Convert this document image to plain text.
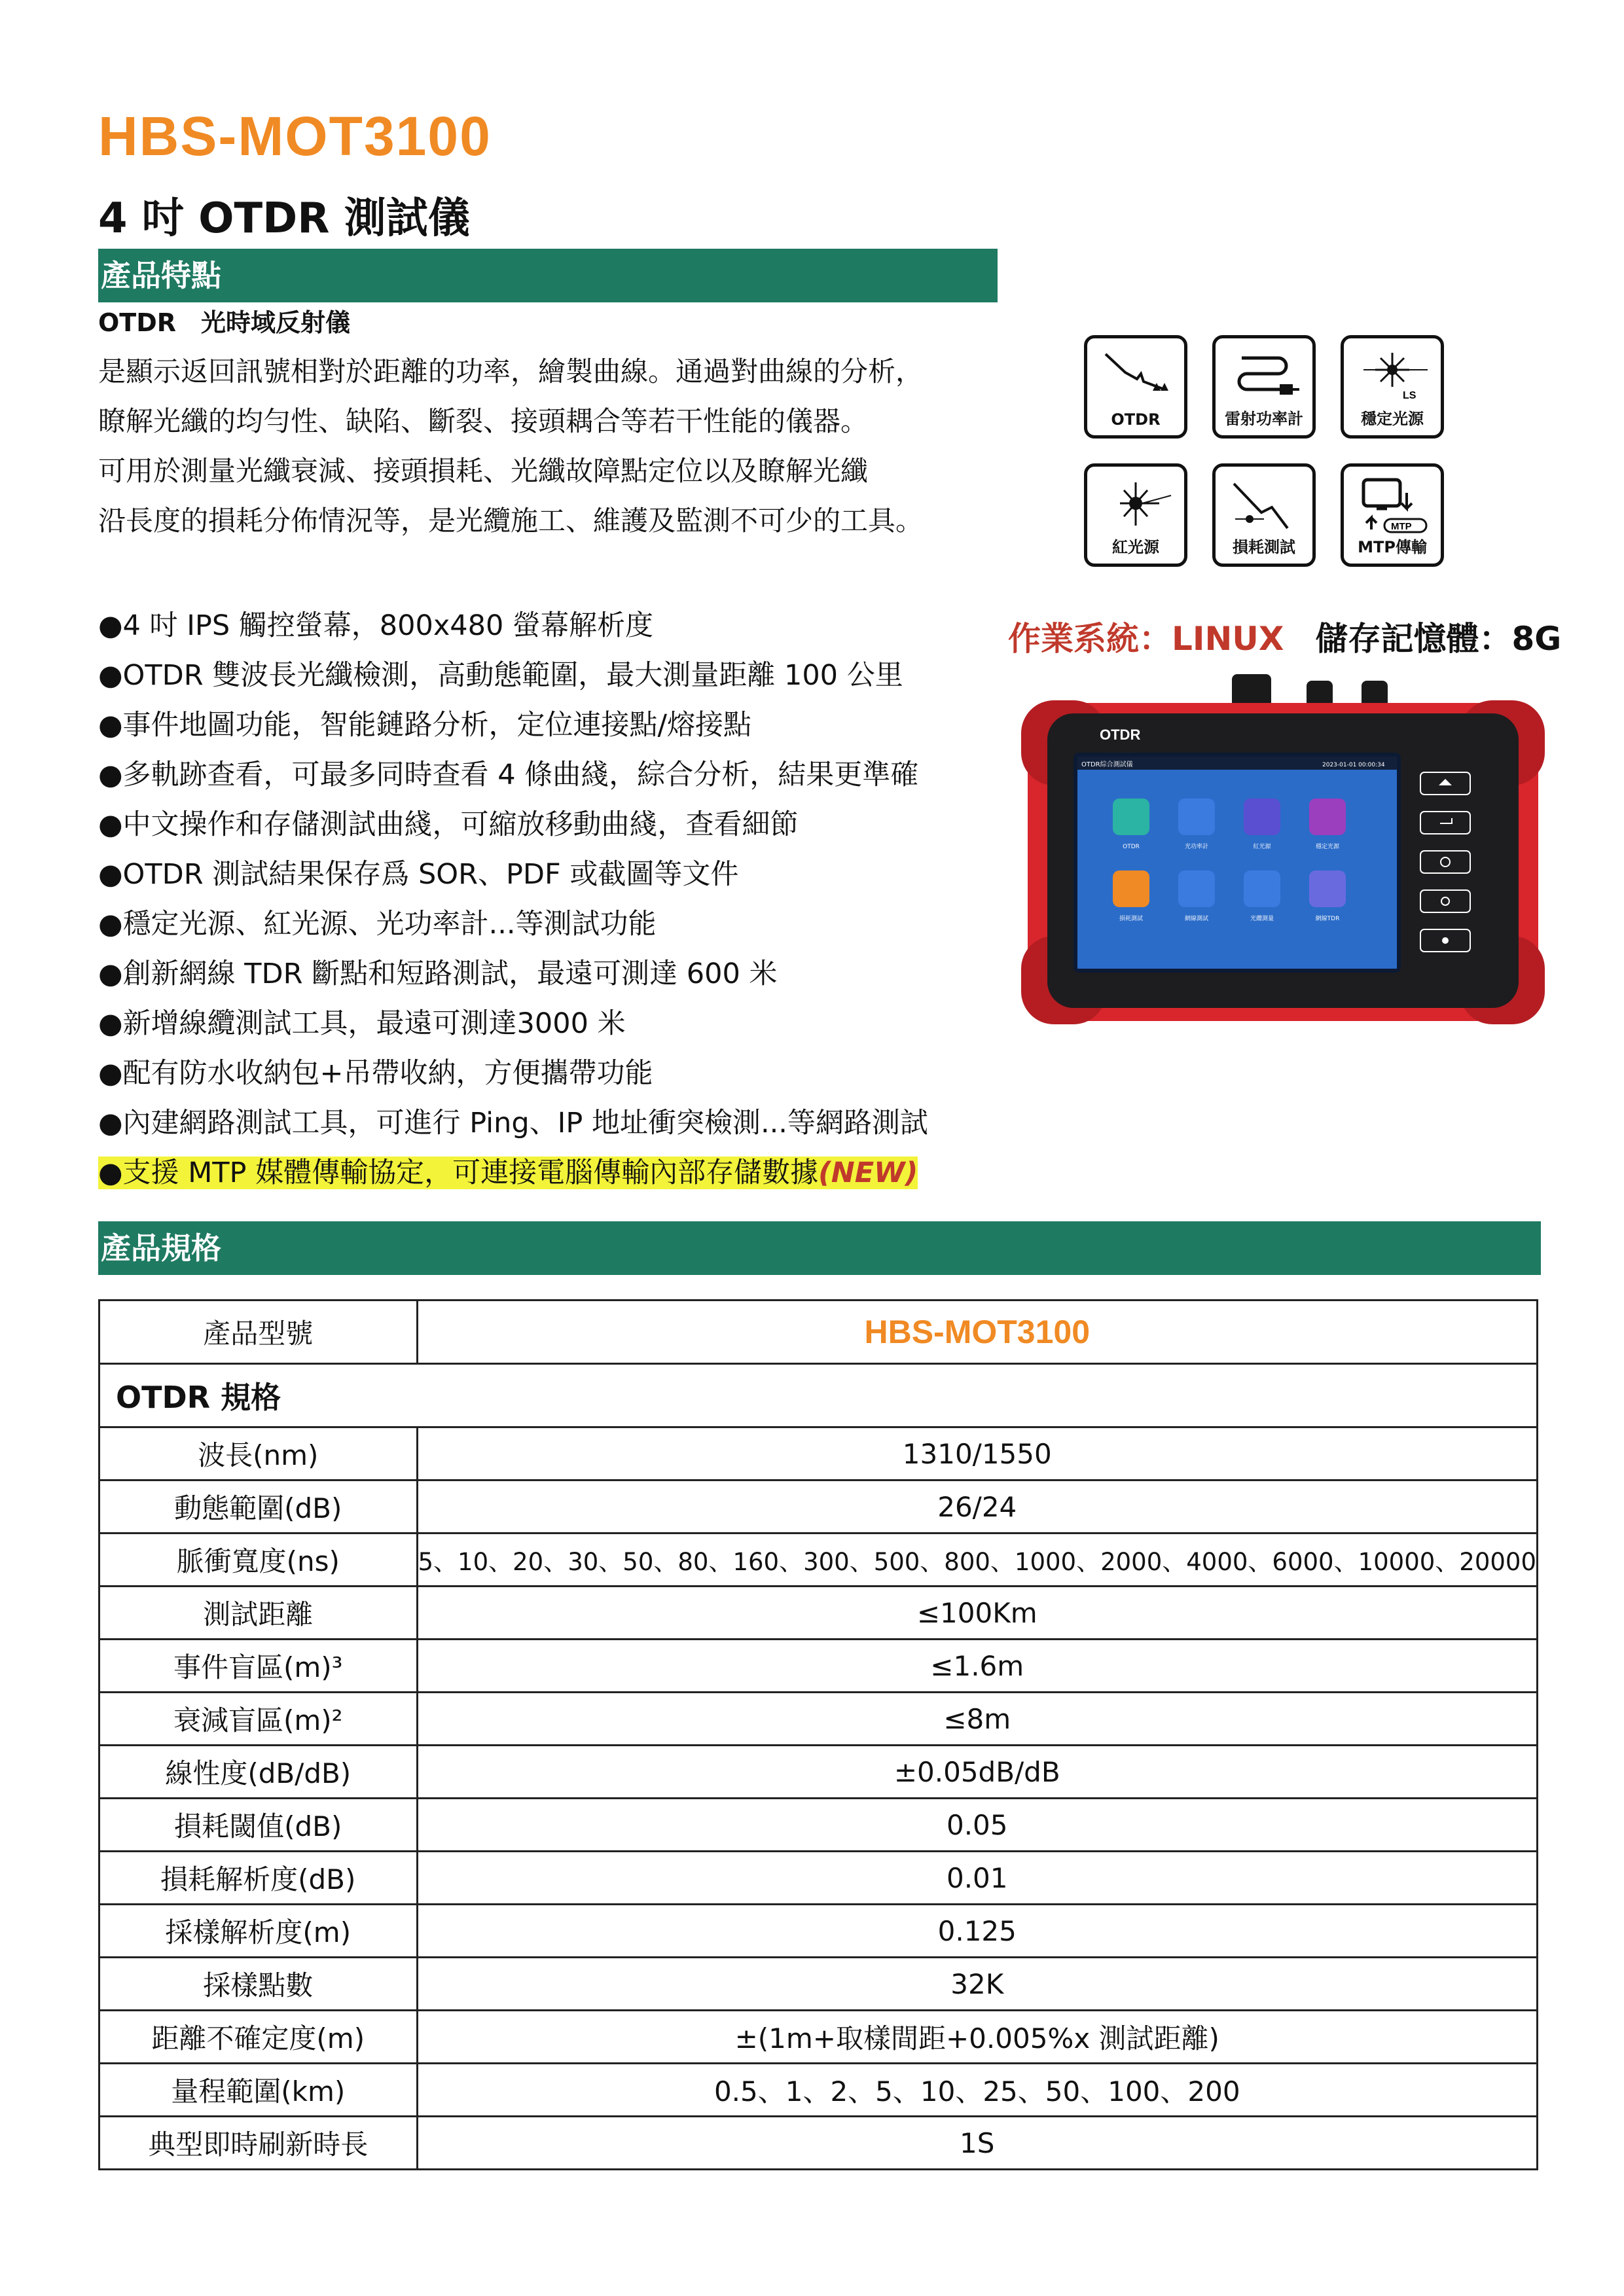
HBS-MOT3100
4 吋 OTDR 測試儀
產品特點
OTDR　光時域反射儀
是顯示返回訊號相對於距離的功率，繪製曲線。通過對曲線的分析，
瞭解光纖的均勻性、缺陷、斷裂、接頭耦合等若干性能的儀器。
可用於測量光纖衰減、接頭損耗、光纖故障點定位以及瞭解光纖
沿長度的損耗分佈情況等，是光纜施工、維護及監測不可少的工具。
●4 吋 IPS 觸控螢幕，800x480 螢幕解析度
●OTDR 雙波長光纖檢測，高動態範圍，最大測量距離 100 公里
●事件地圖功能，智能鏈路分析，定位連接點/熔接點
●多軌跡查看，可最多同時查看 4 條曲綫，綜合分析，結果更準確
●中文操作和存儲測試曲綫，可縮放移動曲綫，查看細節
●OTDR 測試結果保存爲 SOR、PDF 或截圖等文件
●穩定光源、紅光源、光功率計...等測試功能
●創新網線 TDR 斷點和短路測試，最遠可測達 600 米
●新增線纜測試工具，最遠可測達3000 米
●配有防水收納包+吊帶收納，方便攜帶功能
●內建網路測試工具，可進行 Ping、IP 地址衝突檢測...等網路測試
●支援 MTP 媒體傳輸協定，可連接電腦傳輸內部存儲數據(NEW)
OTDR	雷射功率計
LS
穩定光源
紅光源	損耗測試
MTP
MTP傳輸
作業系統：LINUX 儲存記憶體：8G
OTDR
OTDR綜合測試儀	2023-01-01 00:00:34
OTDR	光功率計	紅光源	穩定光源
損耗測試	網線測試	光纜測量	網線TDR
產品規格
產品型號	HBS-MOT3100
OTDR 規格	
波長(nm)	1310/1550
動態範圍(dB)	26/24
脈衝寬度(ns)	5、10、20、30、50、80、160、300、500、800、1000、2000、4000、6000、10000、20000
測試距離	≤100Km
事件盲區(m)³	≤1.6m
衰減盲區(m)²	≤8m
線性度(dB/dB)	±0.05dB/dB
損耗閾值(dB)	0.05
損耗解析度(dB)	0.01
採樣解析度(m)	0.125
採樣點數	32K
距離不確定度(m)	±(1m+取樣間距+0.005%x 測試距離)
量程範圍(km)	0.5、1、2、5、10、25、50、100、200
典型即時刷新時長	1S
